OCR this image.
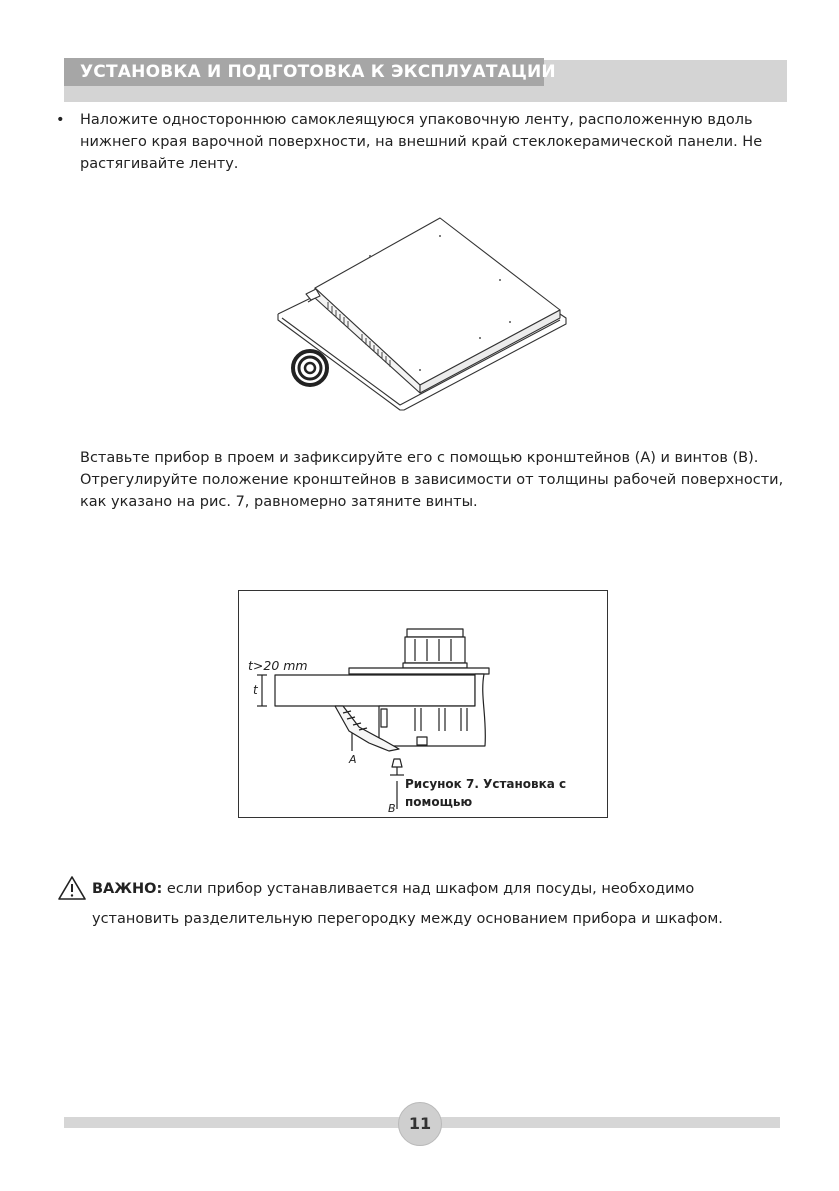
УСТАНОВКА И ПОДГОТОВКА К ЭКСПЛУАТАЦИИ
•	Наложите одностороннюю самоклеящуюся упаковочную ленту, расположенную вдоль нижнего края варочной поверхности, на внешний край стеклокерамической панели. Не растягивайте ленту.
Вставьте прибор в проем и зафиксируйте его с помощью кронштейнов (А) и винтов (В). Отрегулируйте положение кронштейнов в зависимости от толщины рабочей поверхности, как указано на рис. 7, равномерно затяните винты.
t>20 mm
t
A
B
Рисунок 7. Установка с помощью
ВАЖНО: если прибор устанавливается над шкафом для посуды, необходимо установить разделительную перегородку между основанием прибора и шкафом.
11
